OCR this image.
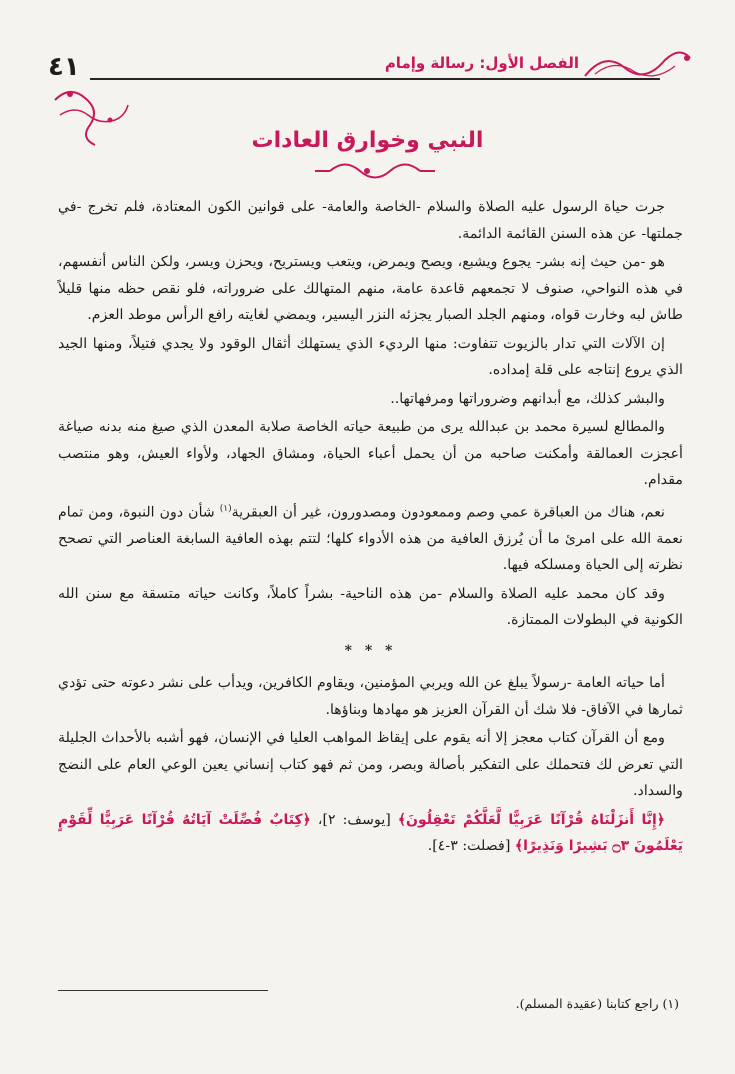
٤١	الفصل الأول: رسالة وإمام
النبي وخوارق العادات

جرت حياة الرسول عليه الصلاة والسلام -الخاصة والعامة- على قوانين الكون المعتادة، فلم تخرج -في جملتها- عن هذه السنن القائمة الدائمة.

هو -من حيث إنه بشر- يجوع ويشبع، ويصح ويمرض، ويتعب ويستريح، ويحزن ويسر، ولكن الناس أنفسهم، في هذه النواحي، صنوف لا تجمعهم قاعدة عامة، منهم المتهالك على ضروراته، فلو نقص حظه منها قليلاً طاش لبه وخارت قواه، ومنهم الجلد الصبار يجزئه النزر اليسير، ويمضي لغايته رافع الرأس موطد العزم.

إن الآلات التي تدار بالزيوت تتفاوت: منها الرديء الذي يستهلك أثقال الوقود ولا يجدي فتيلاً، ومنها الجيد الذي يروع إنتاجه على قلة إمداده.

والبشر كذلك، مع أبدانهم وضروراتها ومرفهاتها..

والمطالع لسيرة محمد بن عبدالله يرى من طبيعة حياته الخاصة صلابة المعدن الذي صيغ منه بدنه صياغة أعجزت العمالقة وأمكنت صاحبه من أن يحمل أعباء الحياة، ومشاق الجهاد، ولأواء العيش، وهو منتصب مقدام.

نعم، هناك من العباقرة عمي وصم وممعودون ومصدورون، غير أن العبقرية$^{(١)}$ شأن دون النبوة، ومن تمام نعمة الله على امرئ ما أن يُرزق العافية من هذه الأدواء كلها؛ لتتم بهذه العافية السابغة العناصر التي تصحح نظرته إلى الحياة ومسلكه فيها.

وقد كان محمد عليه الصلاة والسلام -من هذه الناحية- بشراً كاملاً، وكانت حياته متسقة مع سنن الله الكونية في البطولات الممتازة.

* * *

أما حياته العامة -رسولاً يبلغ عن الله ويربي المؤمنين، ويقاوم الكافرين، ويدأب على نشر دعوته حتى تؤدي ثمارها في الآفاق- فلا شك أن القرآن العزيز هو مهادها وبناؤها.

ومع أن القرآن كتاب معجز إلا أنه يقوم على إيقاظ المواهب العليا في الإنسان، فهو أشبه بالأحداث الجليلة التي تعرض لك فتحملك على التفكير بأصالة وبصر، ومن ثم فهو كتاب إنساني يعين الوعي العام على النضج والسداد.

﴿إِنَّا أَنزَلْنَاهُ قُرْآنًا عَرَبِيًّا لَّعَلَّكُمْ تَعْقِلُونَ﴾ [يوسف: ٢]، ﴿كِتَابٌ فُصِّلَتْ آيَاتُهُ قُرْآنًا عَرَبِيًّا لِّقَوْمٍ يَعْلَمُونَ ۝٣ بَشِيرًا وَنَذِيرًا﴾ [فصلت: ٣-٤].

(١) راجع كتابنا (عقيدة المسلم).
